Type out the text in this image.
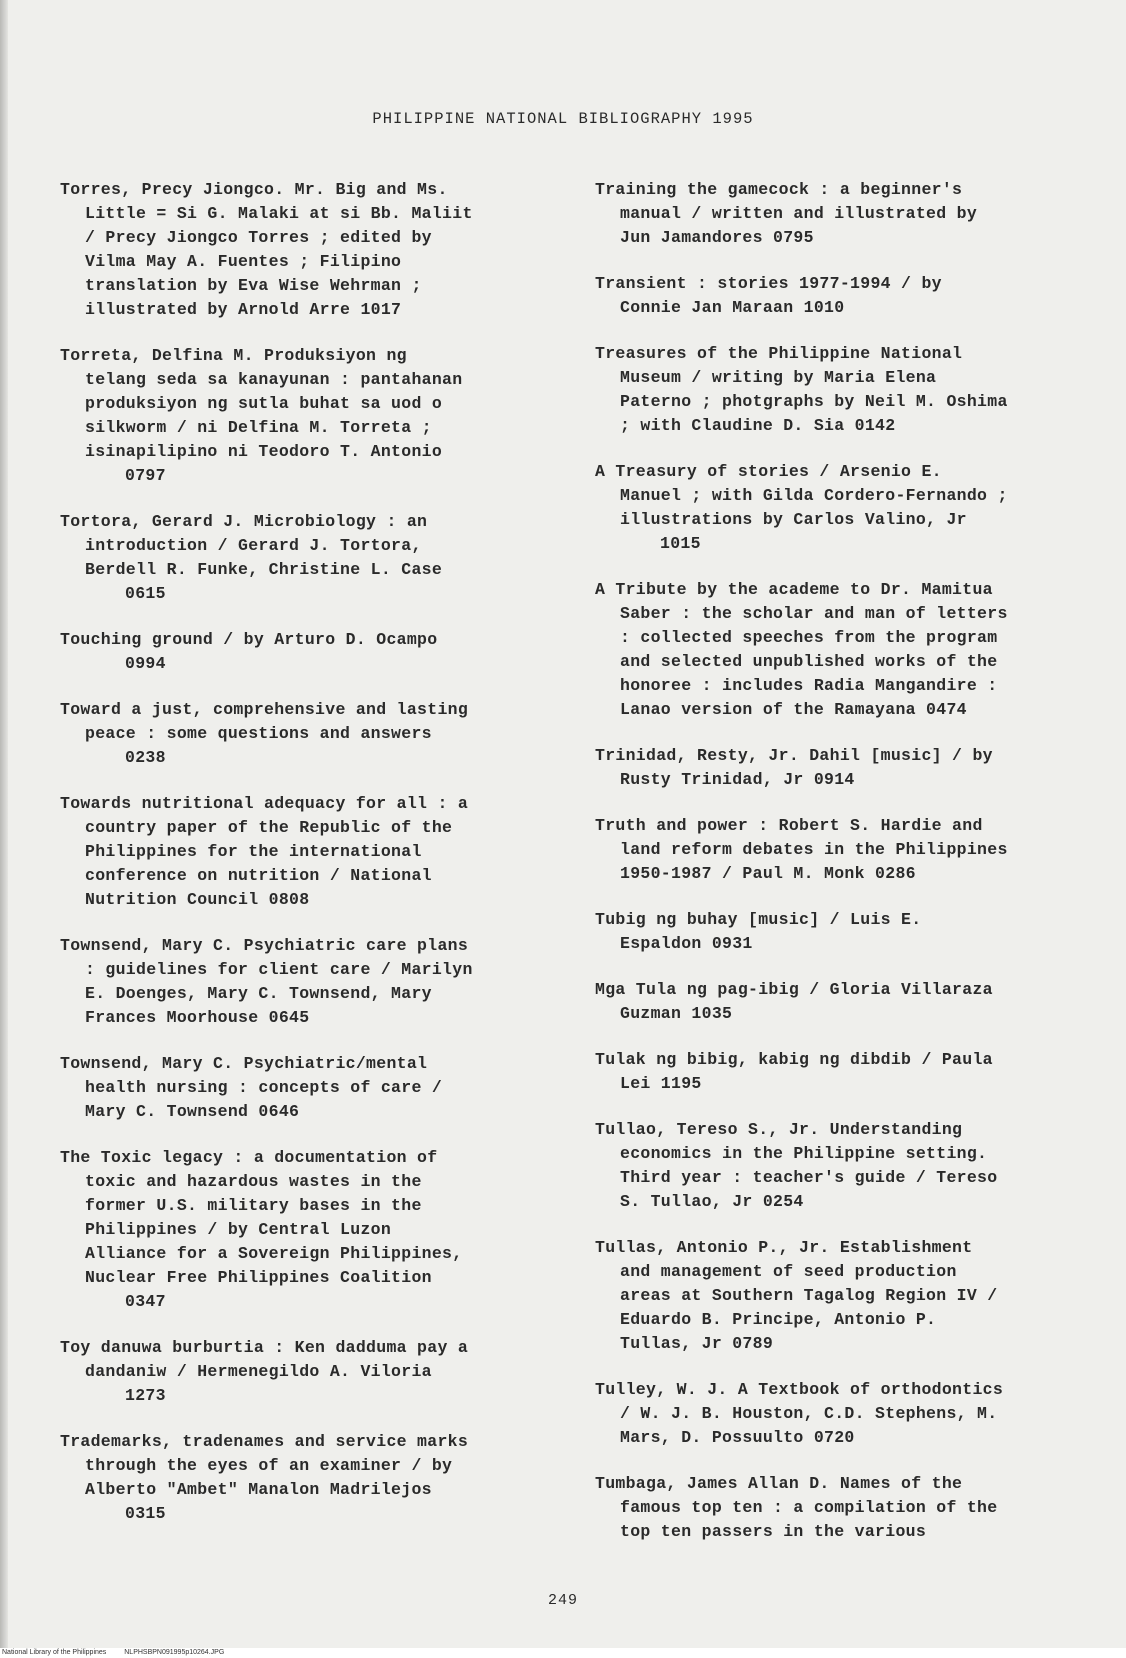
PHILIPPINE NATIONAL BIBLIOGRAPHY 1995

Torres, Precy Jiongco. Mr. Big and Ms.
Little = Si G. Malaki at si Bb. Maliit
/ Precy Jiongco Torres ; edited by
Vilma May A. Fuentes ; Filipino
translation by Eva Wise Wehrman ;
illustrated by Arnold Arre 1017

Torreta, Delfina M. Produksiyon ng
telang seda sa kanayunan : pantahanan
produksiyon ng sutla buhat sa uod o
silkworm / ni Delfina M. Torreta ;
isinapilipino ni Teodoro T. Antonio
0797

Tortora, Gerard J. Microbiology : an
introduction / Gerard J. Tortora,
Berdell R. Funke, Christine L. Case
0615

Touching ground / by Arturo D. Ocampo
0994

Toward a just, comprehensive and lasting
peace : some questions and answers
0238

Towards nutritional adequacy for all : a
country paper of the Republic of the
Philippines for the international
conference on nutrition / National
Nutrition Council 0808

Townsend, Mary C. Psychiatric care plans
: guidelines for client care / Marilyn
E. Doenges, Mary C. Townsend, Mary
Frances Moorhouse 0645

Townsend, Mary C. Psychiatric/mental
health nursing : concepts of care /
Mary C. Townsend 0646

The Toxic legacy : a documentation of
toxic and hazardous wastes in the
former U.S. military bases in the
Philippines / by Central Luzon
Alliance for a Sovereign Philippines,
Nuclear Free Philippines Coalition
0347

Toy danuwa burburtia : Ken dadduma pay a
dandaniw / Hermenegildo A. Viloria
1273

Trademarks, tradenames and service marks
through the eyes of an examiner / by
Alberto "Ambet" Manalon Madrilejos
0315

Training the gamecock : a beginner's
manual / written and illustrated by
Jun Jamandores 0795

Transient : stories 1977-1994 / by
Connie Jan Maraan 1010

Treasures of the Philippine National
Museum / writing by Maria Elena
Paterno ; photgraphs by Neil M. Oshima
; with Claudine D. Sia 0142

A Treasury of stories / Arsenio E.
Manuel ; with Gilda Cordero-Fernando ;
illustrations by Carlos Valino, Jr
1015

A Tribute by the academe to Dr. Mamitua
Saber : the scholar and man of letters
: collected speeches from the program
and selected unpublished works of the
honoree : includes Radia Mangandire :
Lanao version of the Ramayana 0474

Trinidad, Resty, Jr. Dahil [music] / by
Rusty Trinidad, Jr 0914

Truth and power : Robert S. Hardie and
land reform debates in the Philippines
1950-1987 / Paul M. Monk 0286

Tubig ng buhay [music] / Luis E.
Espaldon 0931

Mga Tula ng pag-ibig / Gloria Villaraza
Guzman 1035

Tulak ng bibig, kabig ng dibdib / Paula
Lei 1195

Tullao, Tereso S., Jr. Understanding
economics in the Philippine setting.
Third year : teacher's guide / Tereso
S. Tullao, Jr 0254

Tullas, Antonio P., Jr. Establishment
and management of seed production
areas at Southern Tagalog Region IV /
Eduardo B. Principe, Antonio P.
Tullas, Jr 0789

Tulley, W. J. A Textbook of orthodontics
/ W. J. B. Houston, C.D. Stephens, M.
Mars, D. Possuulto 0720

Tumbaga, James Allan D. Names of the
famous top ten : a compilation of the
top ten passers in the various

249
National Library of the Philippines	NLPHSBPN091995p10264.JPG
